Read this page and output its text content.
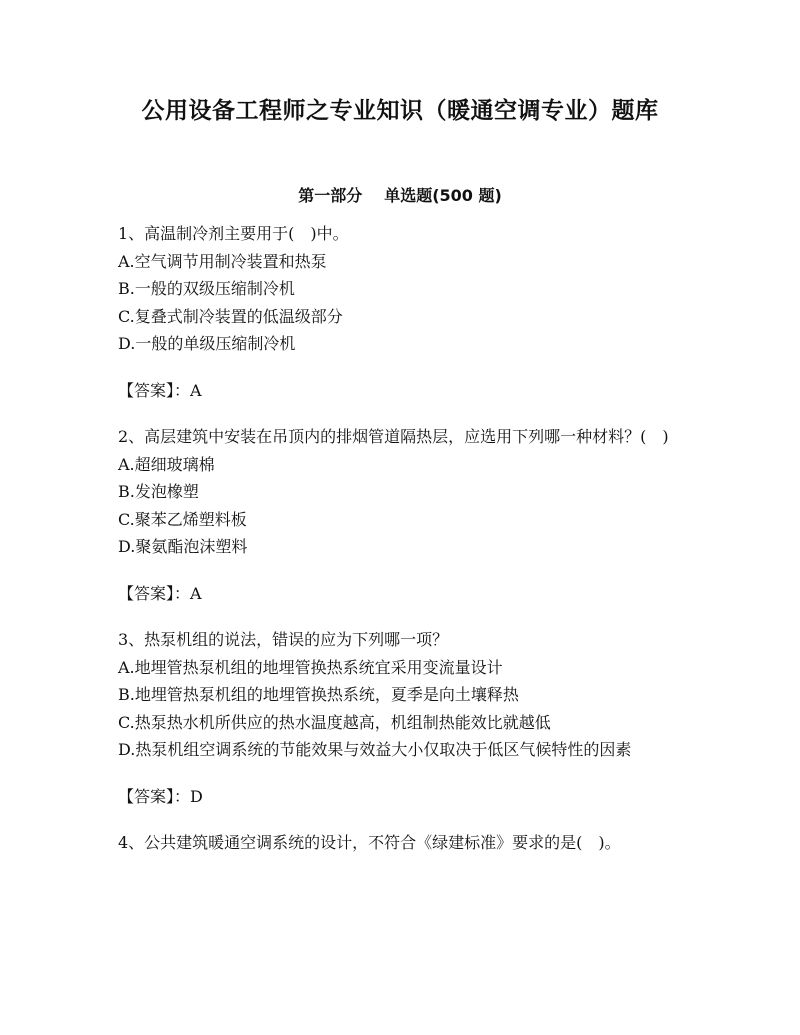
公用设备工程师之专业知识（暖通空调专业）题库
第一部分 单选题(500 题)

1、高温制冷剂主要用于(　)中。

A.空气调节用制冷装置和热泵

B.一般的双级压缩制冷机

C.复叠式制冷装置的低温级部分

D.一般的单级压缩制冷机

【答案】：A

2、高层建筑中安装在吊顶内的排烟管道隔热层，应选用下列哪一种材料？(　)

A.超细玻璃棉

B.发泡橡塑

C.聚苯乙烯塑料板

D.聚氨酯泡沫塑料

【答案】：A

3、热泵机组的说法，错误的应为下列哪一项？

A.地埋管热泵机组的地埋管换热系统宜采用变流量设计

B.地埋管热泵机组的地埋管换热系统，夏季是向土壤释热

C.热泵热水机所供应的热水温度越高，机组制热能效比就越低

D.热泵机组空调系统的节能效果与效益大小仅取决于低区气候特性的因素

【答案】：D

4、公共建筑暖通空调系统的设计，不符合《绿建标准》要求的是(　)。
